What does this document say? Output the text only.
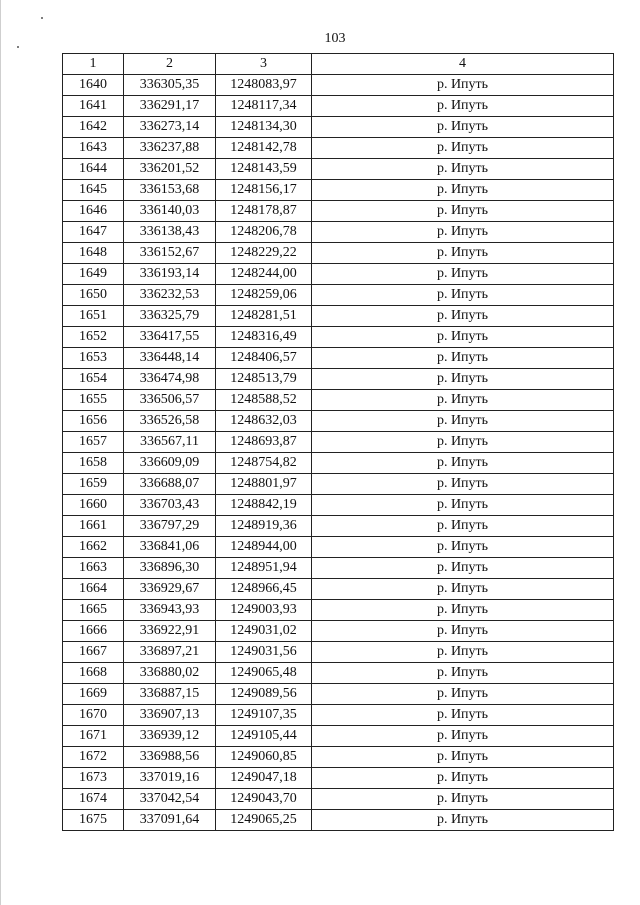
103
1	2	3	4
1640	336305,35	1248083,97	р. Ипуть
1641	336291,17	1248117,34	р. Ипуть
1642	336273,14	1248134,30	р. Ипуть
1643	336237,88	1248142,78	р. Ипуть
1644	336201,52	1248143,59	р. Ипуть
1645	336153,68	1248156,17	р. Ипуть
1646	336140,03	1248178,87	р. Ипуть
1647	336138,43	1248206,78	р. Ипуть
1648	336152,67	1248229,22	р. Ипуть
1649	336193,14	1248244,00	р. Ипуть
1650	336232,53	1248259,06	р. Ипуть
1651	336325,79	1248281,51	р. Ипуть
1652	336417,55	1248316,49	р. Ипуть
1653	336448,14	1248406,57	р. Ипуть
1654	336474,98	1248513,79	р. Ипуть
1655	336506,57	1248588,52	р. Ипуть
1656	336526,58	1248632,03	р. Ипуть
1657	336567,11	1248693,87	р. Ипуть
1658	336609,09	1248754,82	р. Ипуть
1659	336688,07	1248801,97	р. Ипуть
1660	336703,43	1248842,19	р. Ипуть
1661	336797,29	1248919,36	р. Ипуть
1662	336841,06	1248944,00	р. Ипуть
1663	336896,30	1248951,94	р. Ипуть
1664	336929,67	1248966,45	р. Ипуть
1665	336943,93	1249003,93	р. Ипуть
1666	336922,91	1249031,02	р. Ипуть
1667	336897,21	1249031,56	р. Ипуть
1668	336880,02	1249065,48	р. Ипуть
1669	336887,15	1249089,56	р. Ипуть
1670	336907,13	1249107,35	р. Ипуть
1671	336939,12	1249105,44	р. Ипуть
1672	336988,56	1249060,85	р. Ипуть
1673	337019,16	1249047,18	р. Ипуть
1674	337042,54	1249043,70	р. Ипуть
1675	337091,64	1249065,25	р. Ипуть
